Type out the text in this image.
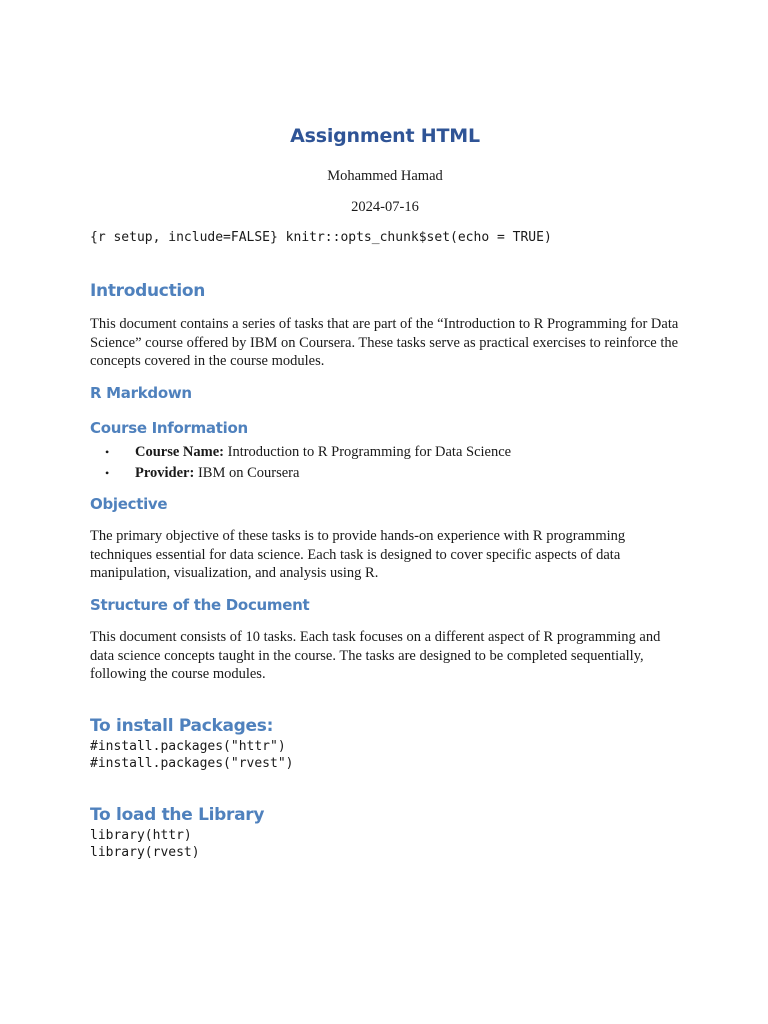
Assignment HTML
Mohammed Hamad
2024-07-16
{r setup, include=FALSE} knitr::opts_chunk$set(echo = TRUE)
Introduction
This document contains a series of tasks that are part of the “Introduction to R Programming for Data Science” course offered by IBM on Coursera. These tasks serve as practical exercises to reinforce the concepts covered in the course modules.
R Markdown
Course Information
• Course Name: Introduction to R Programming for Data Science
• Provider: IBM on Coursera
Objective
The primary objective of these tasks is to provide hands-on experience with R programming techniques essential for data science. Each task is designed to cover specific aspects of data manipulation, visualization, and analysis using R.
Structure of the Document
This document consists of 10 tasks. Each task focuses on a different aspect of R programming and data science concepts taught in the course. The tasks are designed to be completed sequentially, following the course modules.
To install Packages:
#install.packages("httr")
#install.packages("rvest")
To load the Library
library(httr)
library(rvest)
